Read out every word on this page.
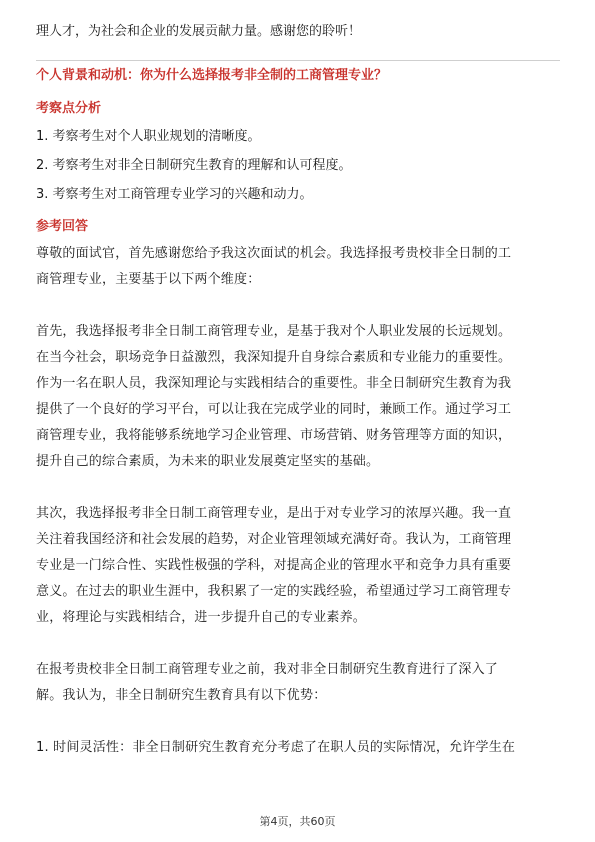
理人才，为社会和企业的发展贡献力量。感谢您的聆听！

个人背景和动机：你为什么选择报考非全制的工商管理专业？
考察点分析

1. 考察考生对个人职业规划的清晰度。

2. 考察考生对非全日制研究生教育的理解和认可程度。

3. 考察考生对工商管理专业学习的兴趣和动力。

参考回答

尊敬的面试官，首先感谢您给予我这次面试的机会。我选择报考贵校非全日制的工

商管理专业，主要基于以下两个维度：

首先，我选择报考非全日制工商管理专业，是基于我对个人职业发展的长远规划。

在当今社会，职场竞争日益激烈，我深知提升自身综合素质和专业能力的重要性。

作为一名在职人员，我深知理论与实践相结合的重要性。非全日制研究生教育为我

提供了一个良好的学习平台，可以让我在完成学业的同时，兼顾工作。通过学习工

商管理专业，我将能够系统地学习企业管理、市场营销、财务管理等方面的知识，

提升自己的综合素质，为未来的职业发展奠定坚实的基础。

其次，我选择报考非全日制工商管理专业，是出于对专业学习的浓厚兴趣。我一直

关注着我国经济和社会发展的趋势，对企业管理领域充满好奇。我认为，工商管理

专业是一门综合性、实践性极强的学科，对提高企业的管理水平和竞争力具有重要

意义。在过去的职业生涯中，我积累了一定的实践经验，希望通过学习工商管理专

业，将理论与实践相结合，进一步提升自己的专业素养。

在报考贵校非全日制工商管理专业之前，我对非全日制研究生教育进行了深入了

解。我认为，非全日制研究生教育具有以下优势：

1. 时间灵活性：非全日制研究生教育充分考虑了在职人员的实际情况，允许学生在

第4页，共60页
